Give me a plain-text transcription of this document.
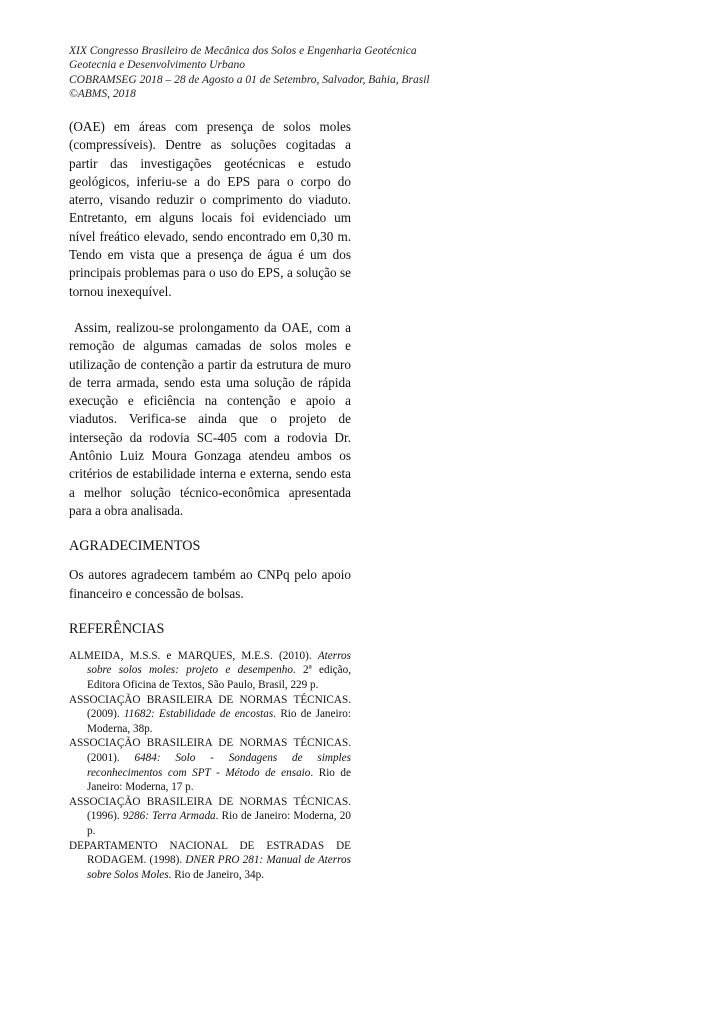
XIX Congresso Brasileiro de Mecânica dos Solos e Engenharia Geotécnica
Geotecnia e Desenvolvimento Urbano
COBRAMSEG 2018 – 28 de Agosto a 01 de Setembro, Salvador, Bahia, Brasil
©ABMS, 2018

(OAE) em áreas com presença de solos moles (compressíveis). Dentre as soluções cogitadas a partir das investigações geotécnicas e estudo geológicos, inferiu-se a do EPS para o corpo do aterro, visando reduzir o comprimento do viaduto. Entretanto, em alguns locais foi evidenciado um nível freático elevado, sendo encontrado em 0,30 m. Tendo em vista que a presença de água é um dos principais problemas para o uso do EPS, a solução se tornou inexequível.

Assim, realizou-se prolongamento da OAE, com a remoção de algumas camadas de solos moles e utilização de contenção a partir da estrutura de muro de terra armada, sendo esta uma solução de rápida execução e eficiência na contenção e apoio a viadutos. Verifica-se ainda que o projeto de interseção da rodovia SC-405 com a rodovia Dr. Antônio Luiz Moura Gonzaga atendeu ambos os critérios de estabilidade interna e externa, sendo esta a melhor solução técnico-econômica apresentada para a obra analisada.

AGRADECIMENTOS

Os autores agradecem também ao CNPq pelo apoio financeiro e concessão de bolsas.

REFERÊNCIAS
ALMEIDA, M.S.S. e MARQUES, M.E.S. (2010). Aterros sobre solos moles: projeto e desempenho. 2ª edição, Editora Oficina de Textos, São Paulo, Brasil, 229 p.
ASSOCIAÇÃO BRASILEIRA DE NORMAS TÉCNICAS. (2009). 11682: Estabilidade de encostas. Rio de Janeiro: Moderna, 38p.
ASSOCIAÇÃO BRASILEIRA DE NORMAS TÉCNICAS. (2001). 6484: Solo - Sondagens de simples reconhecimentos com SPT - Método de ensaio. Rio de Janeiro: Moderna, 17 p.
ASSOCIAÇÃO BRASILEIRA DE NORMAS TÉCNICAS. (1996). 9286: Terra Armada. Rio de Janeiro: Moderna, 20 p.
DEPARTAMENTO NACIONAL DE ESTRADAS DE RODAGEM. (1998). DNER PRO 281: Manual de Aterros sobre Solos Moles. Rio de Janeiro, 34p.
